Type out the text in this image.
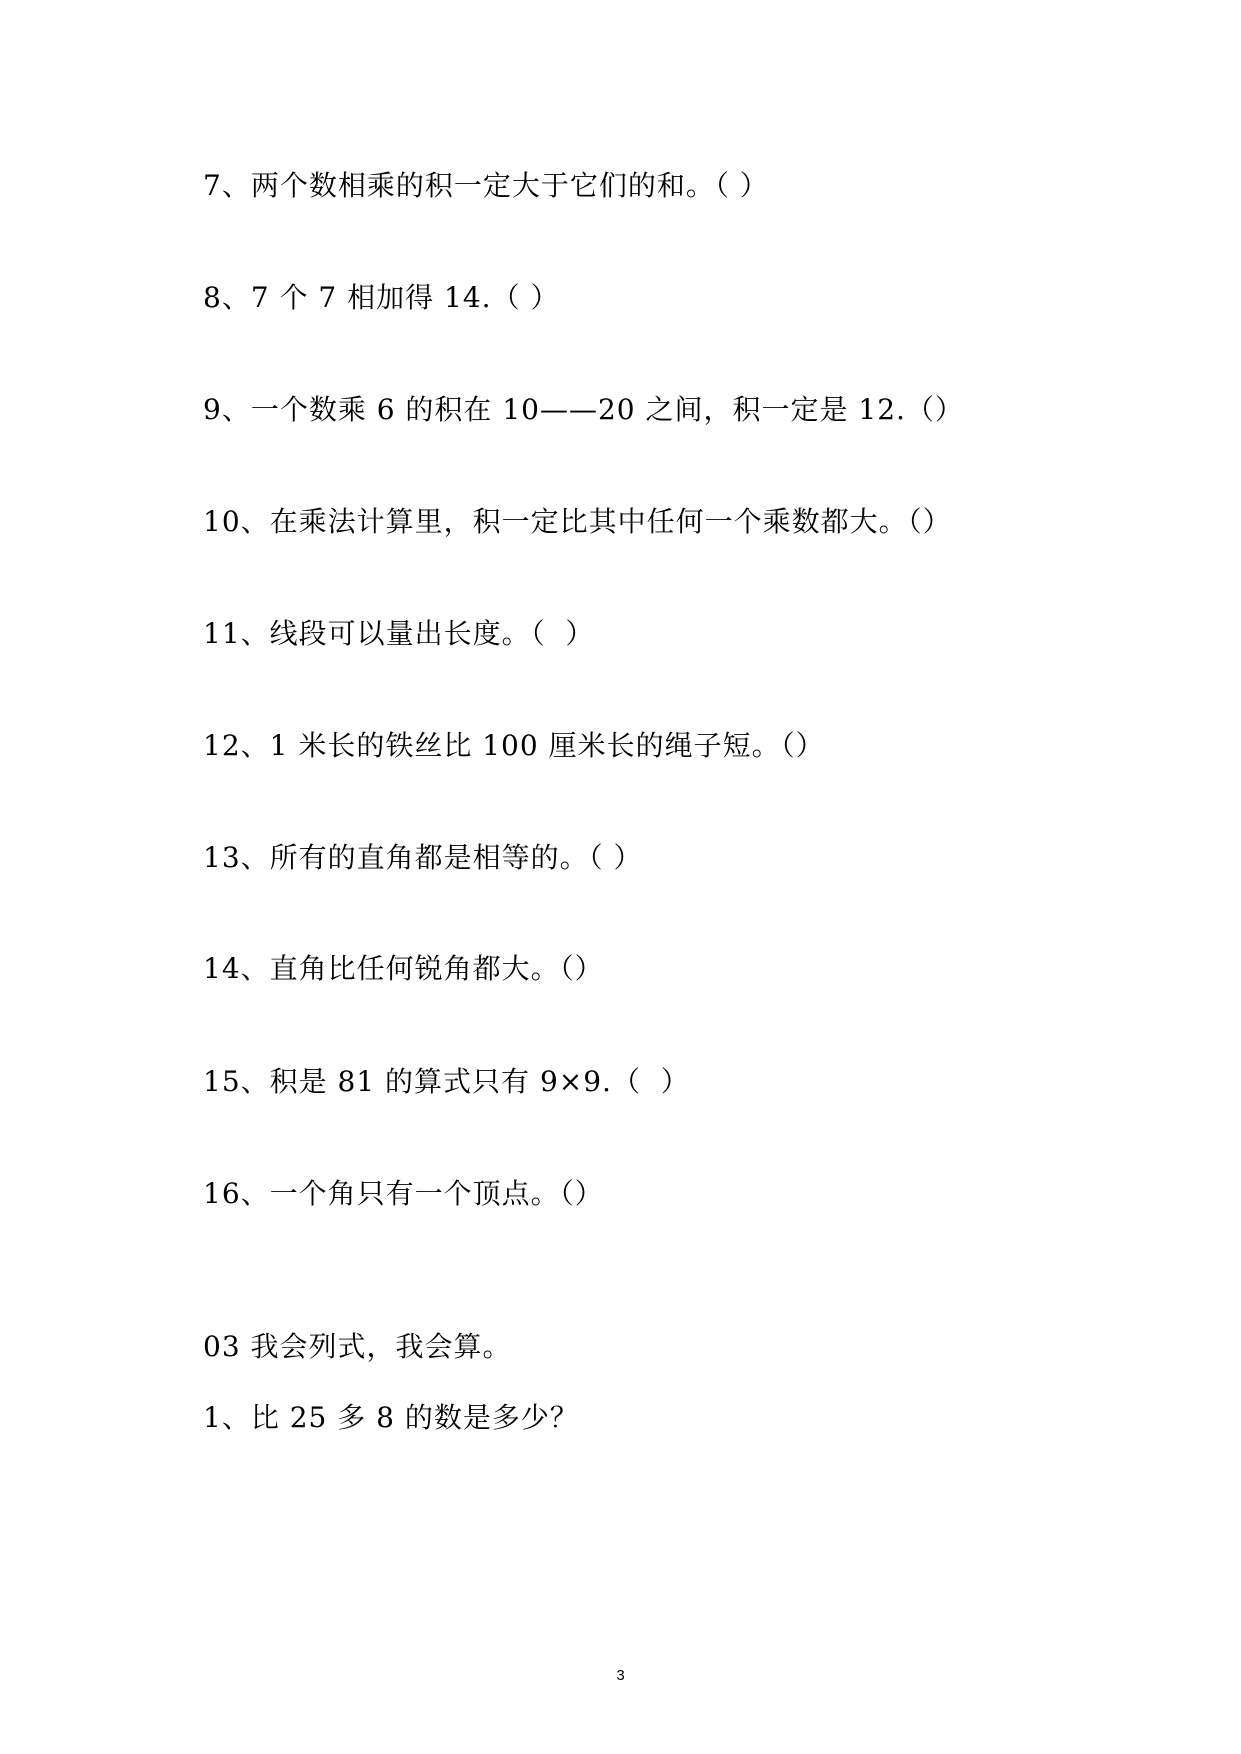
7、两个数相乘的积一定大于它们的和。（ ）

8、7 个 7 相加得 14.（ ）

9、一个数乘 6 的积在 10——20 之间，积一定是 12.（）

10、在乘法计算里，积一定比其中任何一个乘数都大。（）

11、线段可以量出长度。（  ）

12、1 米长的铁丝比 100 厘米长的绳子短。（）

13、所有的直角都是相等的。（ ）

14、直角比任何锐角都大。（）

15、积是 81 的算式只有 9×9.（  ）

16、一个角只有一个顶点。（）

03 我会列式，我会算。

1、比 25 多 8 的数是多少？

3
